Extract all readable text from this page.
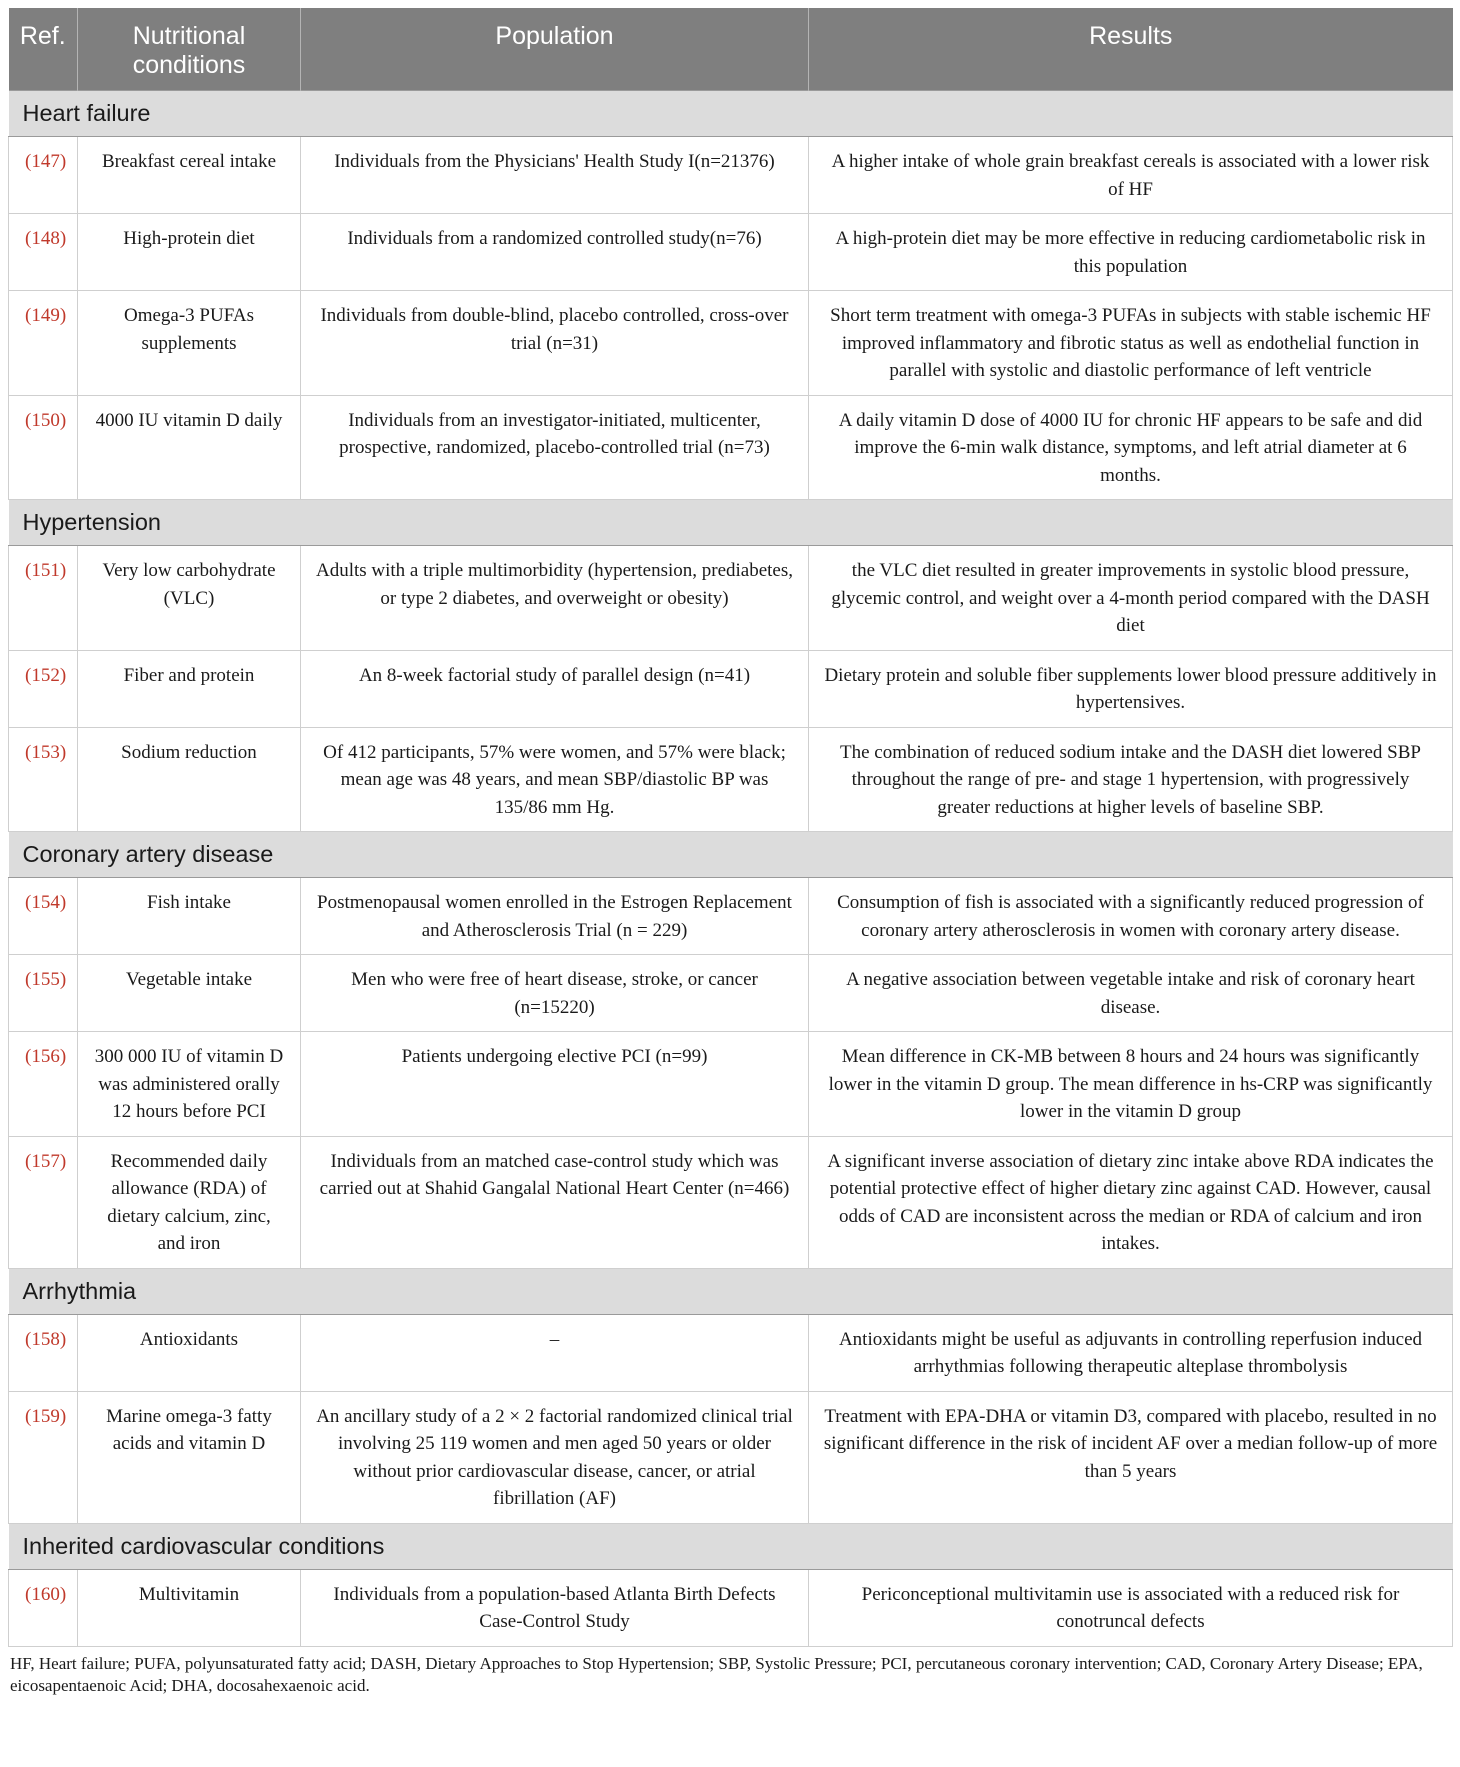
Ref.	Nutritional conditions	Population	Results
Heart failure			
(147)	Breakfast cereal intake	Individuals from the Physicians' Health Study I(n=21376)	A higher intake of whole grain breakfast cereals is associated with a lower risk of HF
(148)	High-protein diet	Individuals from a randomized controlled study(n=76)	A high-protein diet may be more effective in reducing cardiometabolic risk in this population
(149)	Omega-3 PUFAs supplements	Individuals from double-blind, placebo controlled, cross-over trial (n=31)	Short term treatment with omega-3 PUFAs in subjects with stable ischemic HF improved inflammatory and fibrotic status as well as endothelial function in parallel with systolic and diastolic performance of left ventricle
(150)	4000 IU vitamin D daily	Individuals from an investigator-initiated, multicenter, prospective, randomized, placebo-controlled trial (n=73)	A daily vitamin D dose of 4000 IU for chronic HF appears to be safe and did improve the 6-min walk distance, symptoms, and left atrial diameter at 6 months.
Hypertension			
(151)	Very low carbohydrate (VLC)	Adults with a triple multimorbidity (hypertension, prediabetes, or type 2 diabetes, and overweight or obesity)	the VLC diet resulted in greater improvements in systolic blood pressure, glycemic control, and weight over a 4-month period compared with the DASH diet
(152)	Fiber and protein	An 8-week factorial study of parallel design (n=41)	Dietary protein and soluble fiber supplements lower blood pressure additively in hypertensives.
(153)	Sodium reduction	Of 412 participants, 57% were women, and 57% were black; mean age was 48 years, and mean SBP/diastolic BP was 135/86 mm Hg.	The combination of reduced sodium intake and the DASH diet lowered SBP throughout the range of pre- and stage 1 hypertension, with progressively greater reductions at higher levels of baseline SBP.
Coronary artery disease			
(154)	Fish intake	Postmenopausal women enrolled in the Estrogen Replacement and Atherosclerosis Trial (n = 229)	Consumption of fish is associated with a significantly reduced progression of coronary artery atherosclerosis in women with coronary artery disease.
(155)	Vegetable intake	Men who were free of heart disease, stroke, or cancer (n=15220)	A negative association between vegetable intake and risk of coronary heart disease.
(156)	300 000 IU of vitamin D was administered orally 12 hours before PCI	Patients undergoing elective PCI (n=99)	Mean difference in CK-MB between 8 hours and 24 hours was significantly lower in the vitamin D group. The mean difference in hs-CRP was significantly lower in the vitamin D group
(157)	Recommended daily allowance (RDA) of dietary calcium, zinc, and iron	Individuals from an matched case-control study which was carried out at Shahid Gangalal National Heart Center (n=466)	A significant inverse association of dietary zinc intake above RDA indicates the potential protective effect of higher dietary zinc against CAD. However, causal odds of CAD are inconsistent across the median or RDA of calcium and iron intakes.
Arrhythmia			
(158)	Antioxidants	–	Antioxidants might be useful as adjuvants in controlling reperfusion induced arrhythmias following therapeutic alteplase thrombolysis
(159)	Marine omega-3 fatty acids and vitamin D	An ancillary study of a 2 × 2 factorial randomized clinical trial involving 25 119 women and men aged 50 years or older without prior cardiovascular disease, cancer, or atrial fibrillation (AF)	Treatment with EPA-DHA or vitamin D3, compared with placebo, resulted in no significant difference in the risk of incident AF over a median follow-up of more than 5 years
Inherited cardiovascular conditions			
(160)	Multivitamin	Individuals from a population-based Atlanta Birth Defects Case-Control Study	Periconceptional multivitamin use is associated with a reduced risk for conotruncal defects
HF, Heart failure; PUFA, polyunsaturated fatty acid; DASH, Dietary Approaches to Stop Hypertension; SBP, Systolic Pressure; PCI, percutaneous coronary intervention; CAD, Coronary Artery Disease; EPA, eicosapentaenoic Acid; DHA, docosahexaenoic acid.
